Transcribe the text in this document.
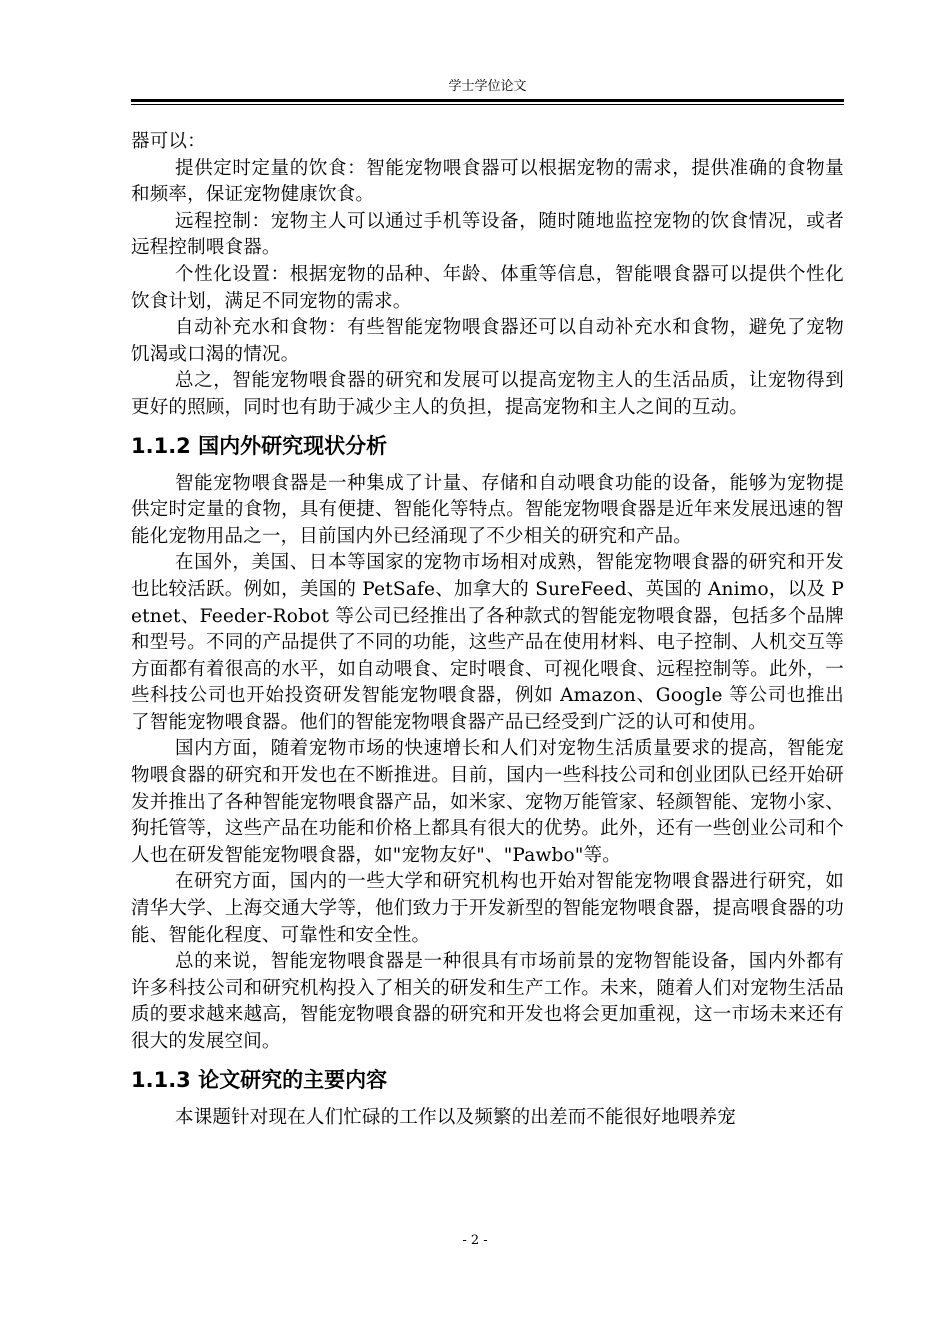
学士学位论文

器可以：

提供定时定量的饮食：智能宠物喂食器可以根据宠物的需求，提供准确的食物量和频率，保证宠物健康饮食。

远程控制：宠物主人可以通过手机等设备，随时随地监控宠物的饮食情况，或者远程控制喂食器。

个性化设置：根据宠物的品种、年龄、体重等信息，智能喂食器可以提供个性化饮食计划，满足不同宠物的需求。

自动补充水和食物：有些智能宠物喂食器还可以自动补充水和食物，避免了宠物饥渴或口渴的情况。

总之，智能宠物喂食器的研究和发展可以提高宠物主人的生活品质，让宠物得到更好的照顾，同时也有助于减少主人的负担，提高宠物和主人之间的互动。

1.1.2 国内外研究现状分析

智能宠物喂食器是一种集成了计量、存储和自动喂食功能的设备，能够为宠物提供定时定量的食物，具有便捷、智能化等特点。智能宠物喂食器是近年来发展迅速的智能化宠物用品之一，目前国内外已经涌现了不少相关的研究和产品。

在国外，美国、日本等国家的宠物市场相对成熟，智能宠物喂食器的研究和开发也比较活跃。例如，美国的 PetSafe、加拿大的 SureFeed、英国的 Animo，以及 Petnet、Feeder-Robot 等公司已经推出了各种款式的智能宠物喂食器，包括多个品牌和型号。不同的产品提供了不同的功能，这些产品在使用材料、电子控制、人机交互等方面都有着很高的水平，如自动喂食、定时喂食、可视化喂食、远程控制等。此外，一些科技公司也开始投资研发智能宠物喂食器，例如 Amazon、Google 等公司也推出了智能宠物喂食器。他们的智能宠物喂食器产品已经受到广泛的认可和使用。

国内方面，随着宠物市场的快速增长和人们对宠物生活质量要求的提高，智能宠物喂食器的研究和开发也在不断推进。目前，国内一些科技公司和创业团队已经开始研发并推出了各种智能宠物喂食器产品，如米家、宠物万能管家、轻颜智能、宠物小家、狗托管等，这些产品在功能和价格上都具有很大的优势。此外，还有一些创业公司和个人也在研发智能宠物喂食器，如"宠物友好"、"Pawbo"等。

在研究方面，国内的一些大学和研究机构也开始对智能宠物喂食器进行研究，如清华大学、上海交通大学等，他们致力于开发新型的智能宠物喂食器，提高喂食器的功能、智能化程度、可靠性和安全性。

总的来说，智能宠物喂食器是一种很具有市场前景的宠物智能设备，国内外都有许多科技公司和研究机构投入了相关的研发和生产工作。未来，随着人们对宠物生活品质的要求越来越高，智能宠物喂食器的研究和开发也将会更加重视，这一市场未来还有很大的发展空间。

1.1.3 论文研究的主要内容

本课题针对现在人们忙碌的工作以及频繁的出差而不能很好地喂养宠

- 2 -
